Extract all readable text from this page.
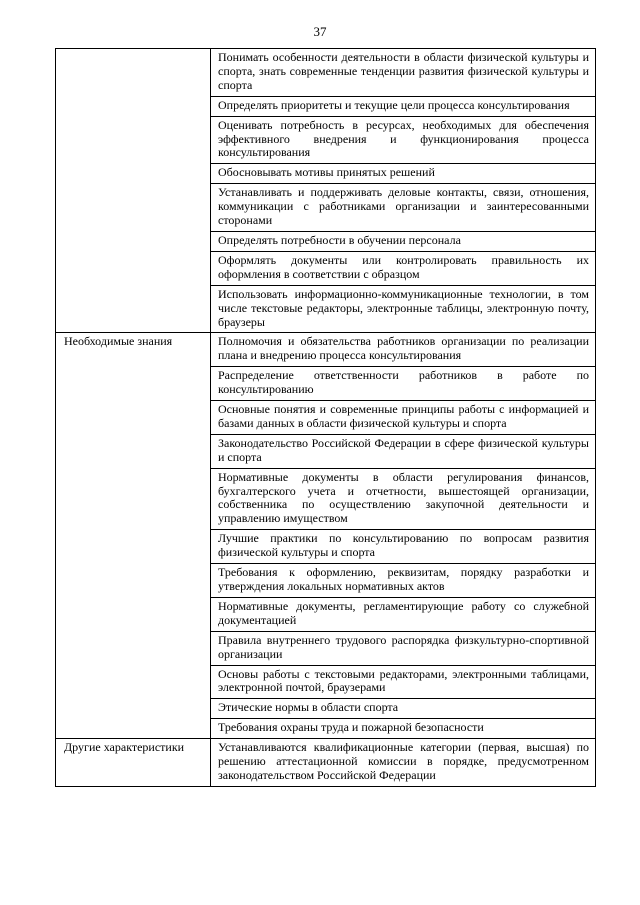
37
	Понимать особенности деятельности в области физической культуры и спорта, знать современные тенденции развития физической культуры и спорта
	Определять приоритеты и текущие цели процесса консультирования
	Оценивать потребность в ресурсах, необходимых для обеспечения эффективного внедрения и функционирования процесса консультирования
	Обосновывать мотивы принятых решений
	Устанавливать и поддерживать деловые контакты, связи, отношения, коммуникации с работниками организации и заинтересованными сторонами
	Определять потребности в обучении персонала
	Оформлять документы или контролировать правильность их оформления в соответствии с образцом
	Использовать информационно-коммуникационные технологии, в том числе текстовые редакторы, электронные таблицы, электронную почту, браузеры
Необходимые знания	Полномочия и обязательства работников организации по реализации плана и внедрению процесса консультирования
	Распределение ответственности работников в работе по консультированию
	Основные понятия и современные принципы работы с информацией и базами данных в области физической культуры и спорта
	Законодательство Российской Федерации в сфере физической культуры и спорта
	Нормативные документы в области регулирования финансов, бухгалтерского учета и отчетности, вышестоящей организации, собственника по осуществлению закупочной деятельности и управлению имуществом
	Лучшие практики по консультированию по вопросам развития физической культуры и спорта
	Требования к оформлению, реквизитам, порядку разработки и утверждения локальных нормативных актов
	Нормативные документы, регламентирующие работу со служебной документацией
	Правила внутреннего трудового распорядка физкультурно-спортивной организации
	Основы работы с текстовыми редакторами, электронными таблицами, электронной почтой, браузерами
	Этические нормы в области спорта
	Требования охраны труда и пожарной безопасности
Другие характеристики	Устанавливаются квалификационные категории (первая, высшая) по решению аттестационной комиссии в порядке, предусмотренном законодательством Российской Федерации
